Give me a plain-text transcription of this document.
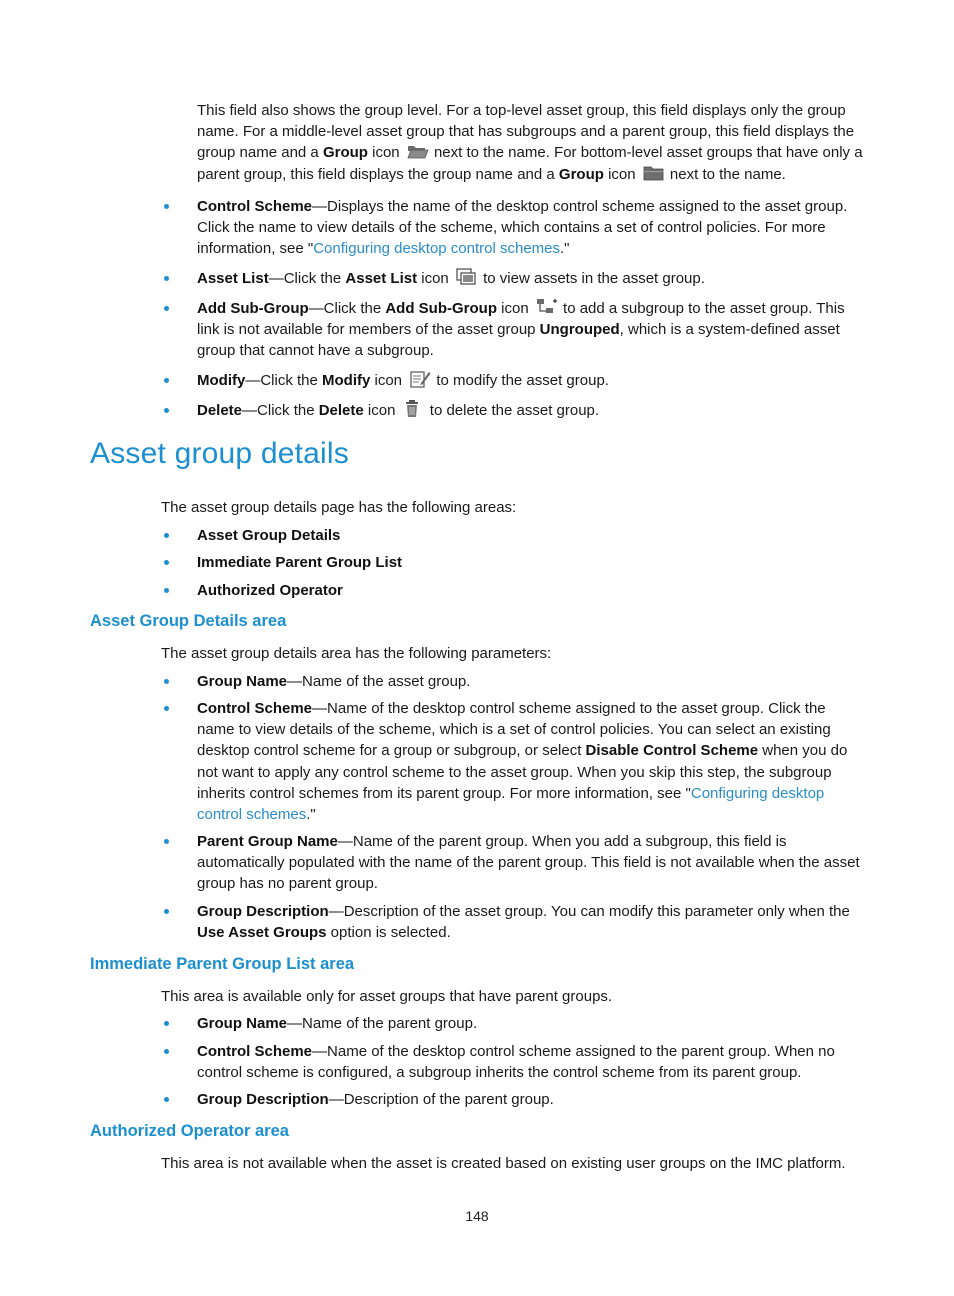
This field also shows the group level. For a top-level asset group, this field displays only the group name. For a middle-level asset group that has subgroups and a parent group, this field displays the group name and a Group icon
next to the name. For bottom-level asset groups that have only a parent group, this field displays the group name and a Group icon
next to the name.

Control Scheme—Displays the name of the desktop control scheme assigned to the asset group. Click the name to view details of the scheme, which contains a set of control policies. For more information, see "Configuring desktop control schemes."
Asset List—Click the Asset List icon
to view assets in the asset group.
Add Sub-Group—Click the Add Sub-Group icon
to add a subgroup to the asset group. This link is not available for members of the asset group Ungrouped, which is a system-defined asset group that cannot have a subgroup.
Modify—Click the Modify icon
to modify the asset group.
Delete—Click the Delete icon
to delete the asset group.
Asset group details

The asset group details page has the following areas:

Asset Group Details
Immediate Parent Group List
Authorized Operator
Asset Group Details area

The asset group details area has the following parameters:

Group Name—Name of the asset group.
Control Scheme—Name of the desktop control scheme assigned to the asset group. Click the name to view details of the scheme, which is a set of control policies. You can select an existing desktop control scheme for a group or subgroup, or select Disable Control Scheme when you do not want to apply any control scheme to the asset group. When you skip this step, the subgroup inherits control schemes from its parent group. For more information, see "Configuring desktop control schemes."
Parent Group Name—Name of the parent group. When you add a subgroup, this field is automatically populated with the name of the parent group. This field is not available when the asset group has no parent group.
Group Description—Description of the asset group. You can modify this parameter only when the Use Asset Groups option is selected.
Immediate Parent Group List area

This area is available only for asset groups that have parent groups.

Group Name—Name of the parent group.
Control Scheme—Name of the desktop control scheme assigned to the parent group. When no control scheme is configured, a subgroup inherits the control scheme from its parent group.
Group Description—Description of the parent group.
Authorized Operator area

This area is not available when the asset is created based on existing user groups on the IMC platform.

148
